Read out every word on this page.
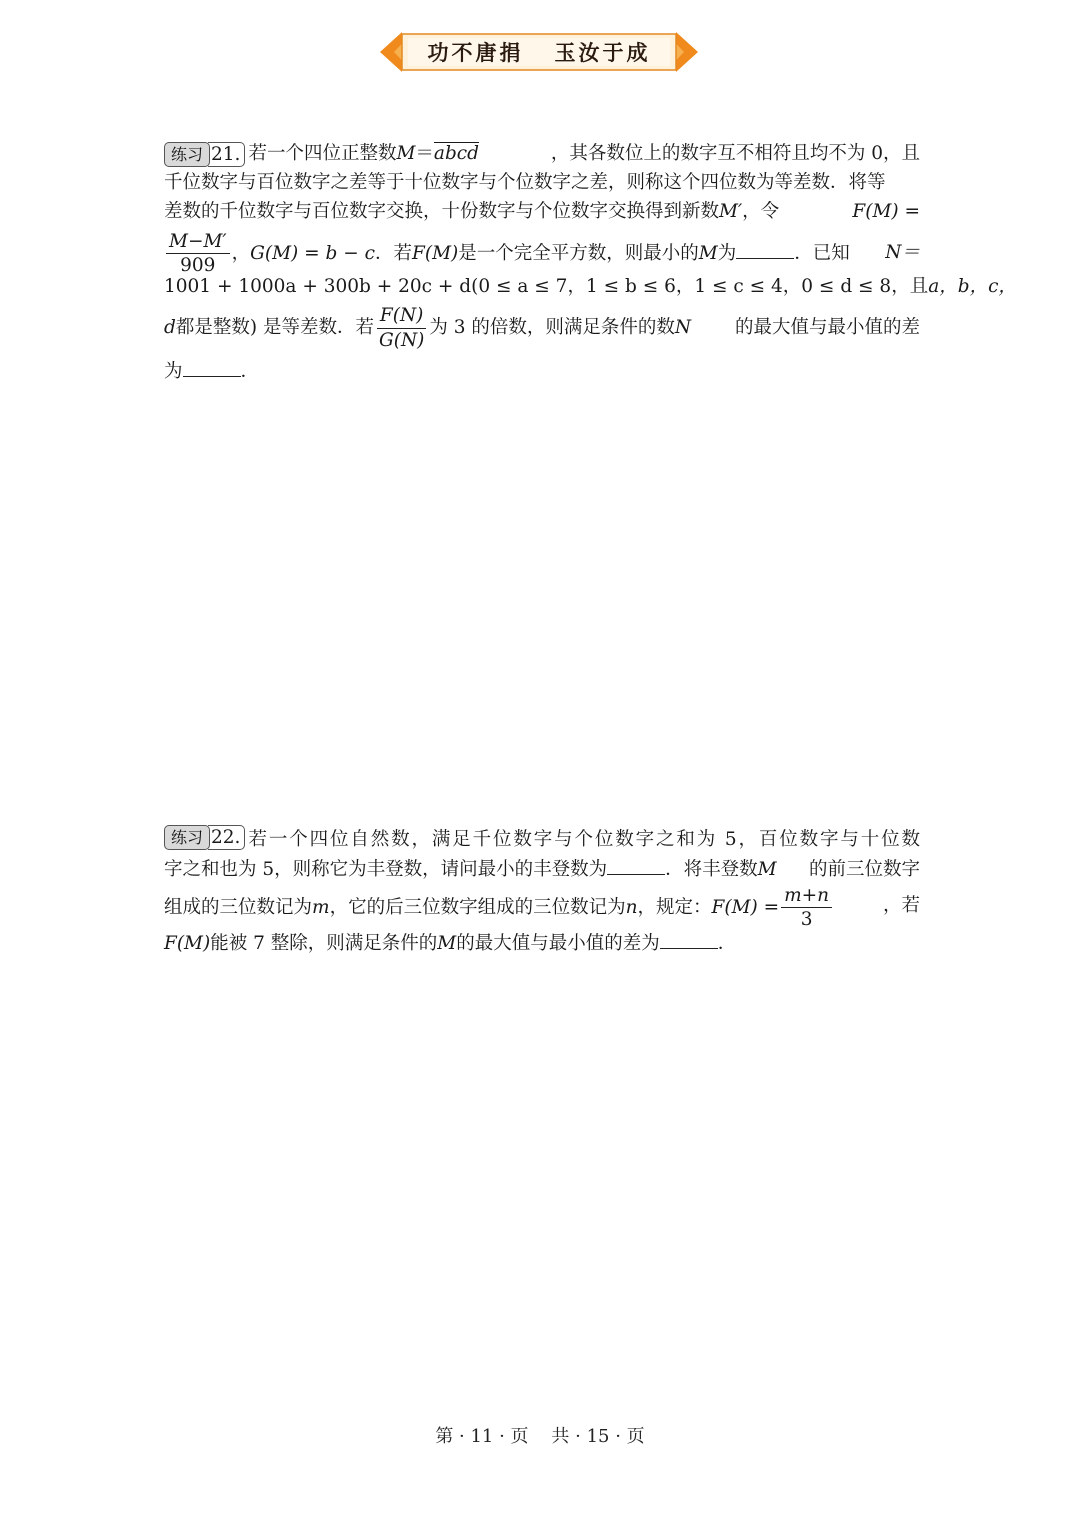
功不唐捐   玉汝于成
练习 21. 若一个四位正整数M＝abcd	，其各数位上的数字互不相符且均不为 0，且
千位数字与百位数字之差等于十位数字与个位数字之差，则称这个四位数为等差数．将等
差数的千位数字与百位数字交换，十份数字与个位数字交换得到新数M′，令	F(M) =
$\frac{M-M'}{909}$ ，G(M) = b − c．若F(M)是一个完全平方数，则最小的M为	．已知 N＝
1001 + 1000a + 300b + 20c + d(0 ≤ a ≤ 7，1 ≤ b ≤ 6，1 ≤ c ≤ 4，0 ≤ d ≤ 8，且 a，b，c，
d都是整数) 是等差数．若 $\frac{F(N)}{G(N)}$ 为 3 的倍数，则满足条件的数N 的最大值与最小值的差
为	．
练习 22. 若一个四位自然数，满足千位数字与个位数字之和为 5，百位数字与十位数
字之和也为 5，则称它为丰登数，请问最小的丰登数为	．将丰登数M 的前三位数字
组成的三位数记为m，它的后三位数字组成的三位数记为n，规定：$F(M) = \frac{m+n}{3}$	，若
F(M)能被 7 整除，则满足条件的M的最大值与最小值的差为	．
第 · 11 · 页    共 · 15 · 页
